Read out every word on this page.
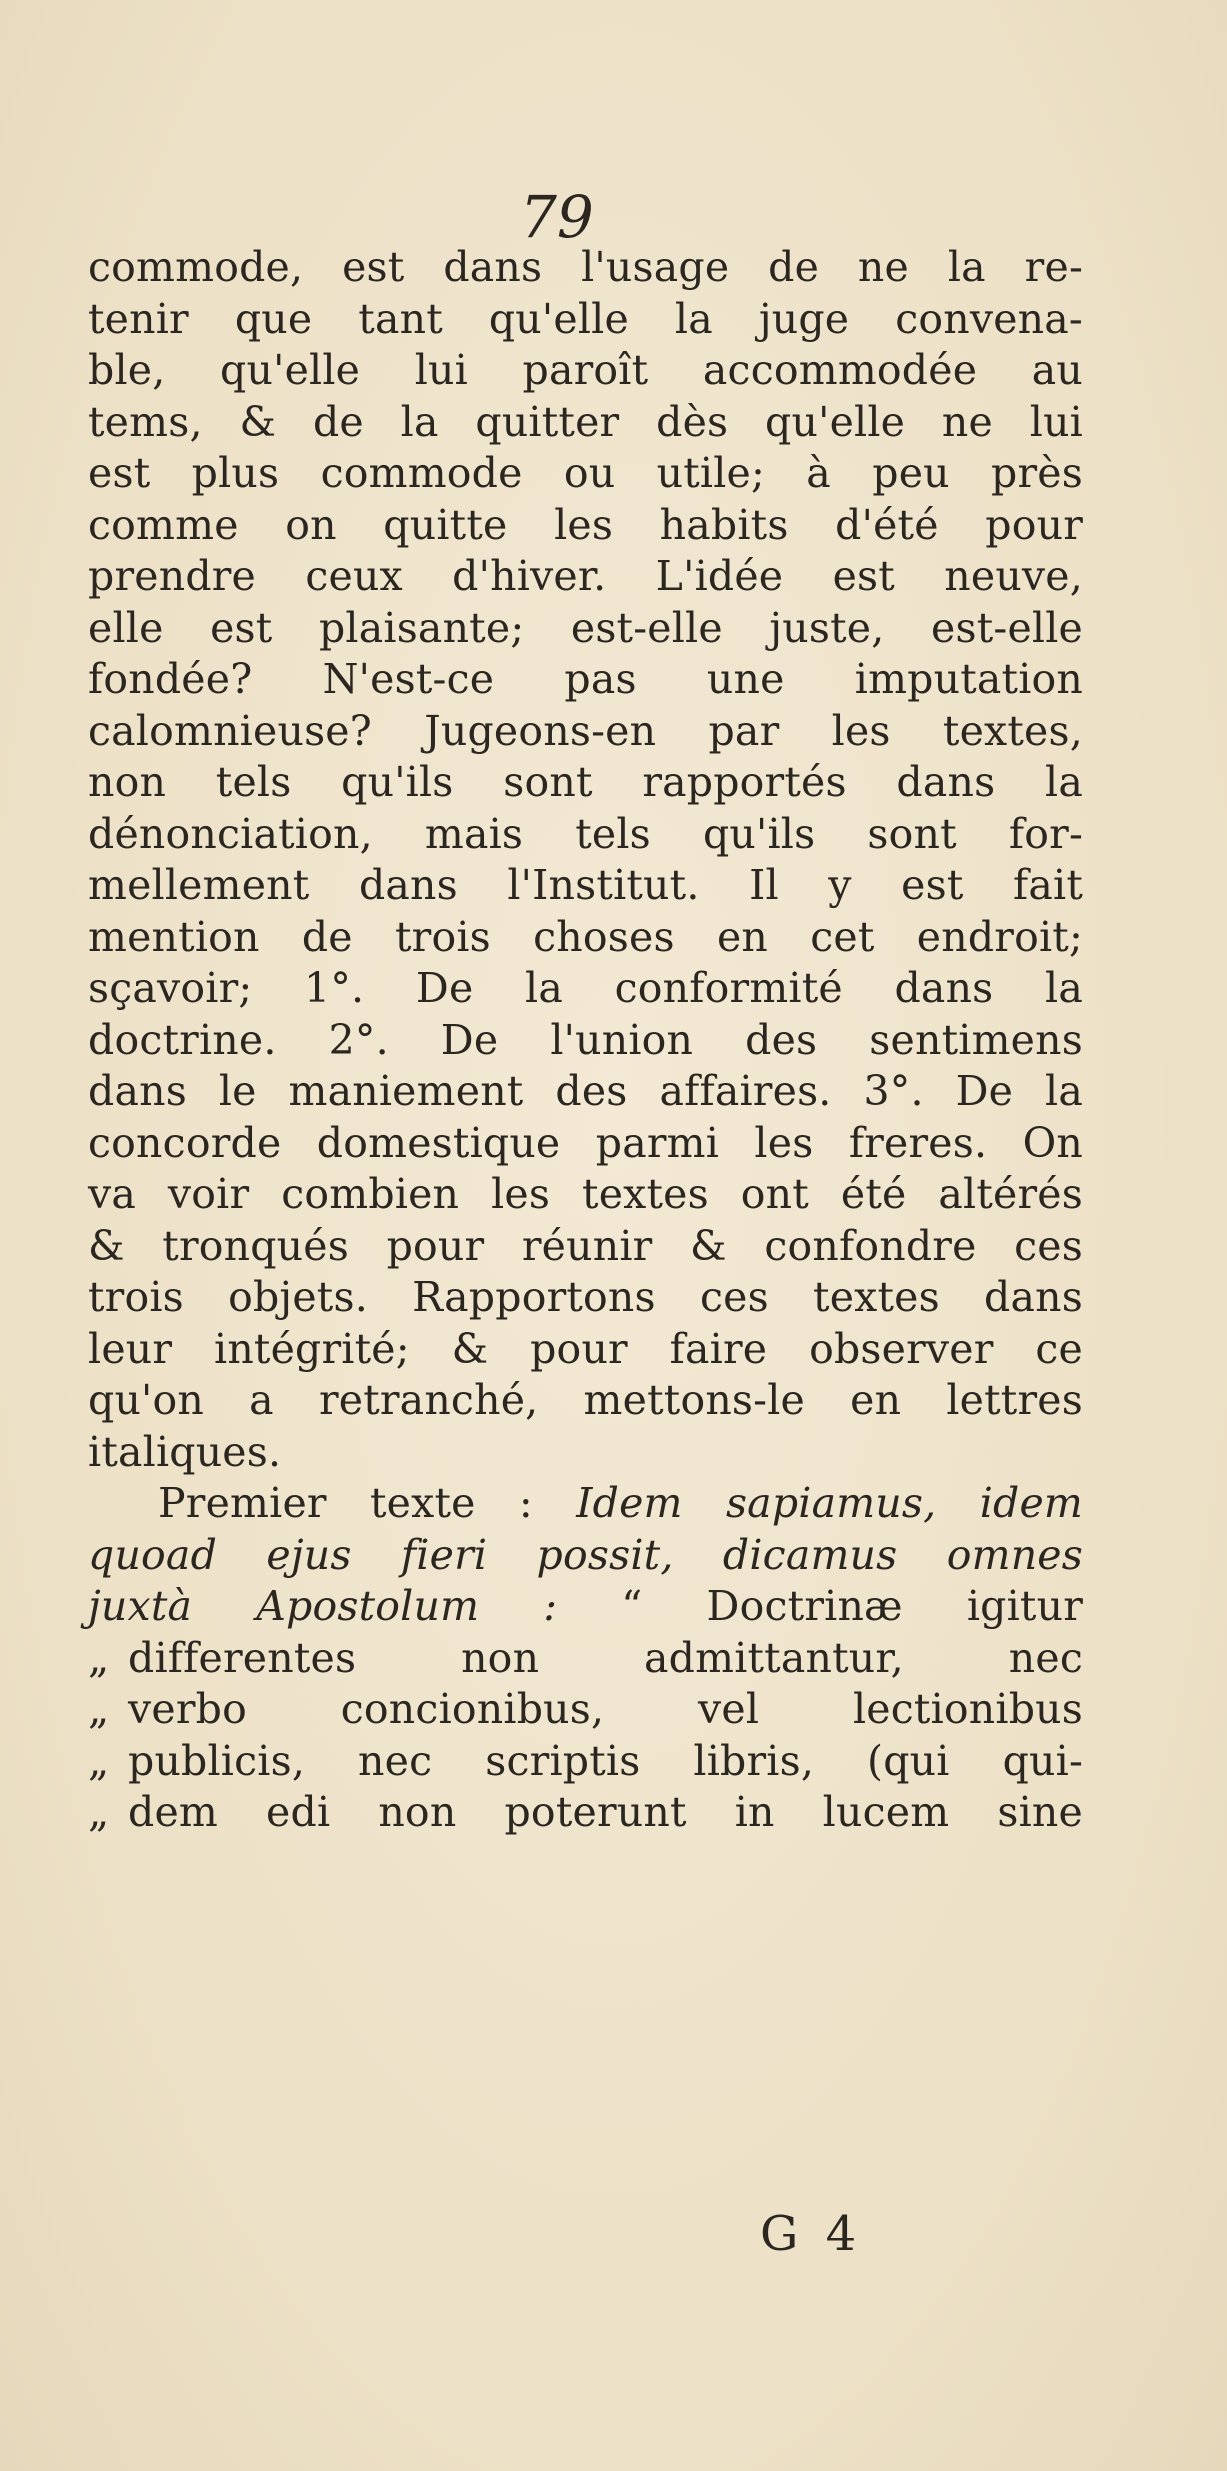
79
commode, est dans l'usage de ne la re-
tenir que tant qu'elle la juge convena-
ble, qu'elle lui paroît accommodée au
tems, & de la quitter dès qu'elle ne lui
est plus commode ou utile; à peu près
comme on quitte les habits d'été pour
prendre ceux d'hiver. L'idée est neuve,
elle est plaisante; est-elle juste, est-elle
fondée? N'est-ce pas une imputation
calomnieuse? Jugeons-en par les textes,
non tels qu'ils sont rapportés dans la
dénonciation, mais tels qu'ils sont for-
mellement dans l'Institut. Il y est fait
mention de trois choses en cet endroit;
sçavoir; 1°. De la conformité dans la
doctrine. 2°. De l'union des sentimens
dans le maniement des affaires. 3°. De la
concorde domestique parmi les freres. On
va voir combien les textes ont été altérés
& tronqués pour réunir & confondre ces
trois objets. Rapportons ces textes dans
leur intégrité; & pour faire observer ce
qu'on a retranché, mettons-le en lettres
italiques.
Premier texte : Idem sapiamus, idem
quoad ejus fieri possit, dicamus omnes
juxtà Apostolum : “ Doctrinæ igitur
„ differentes non admittantur, nec
„ verbo concionibus, vel lectionibus
„ publicis, nec scriptis libris, (qui qui-
„ dem edi non poterunt in lucem sine
G 4
